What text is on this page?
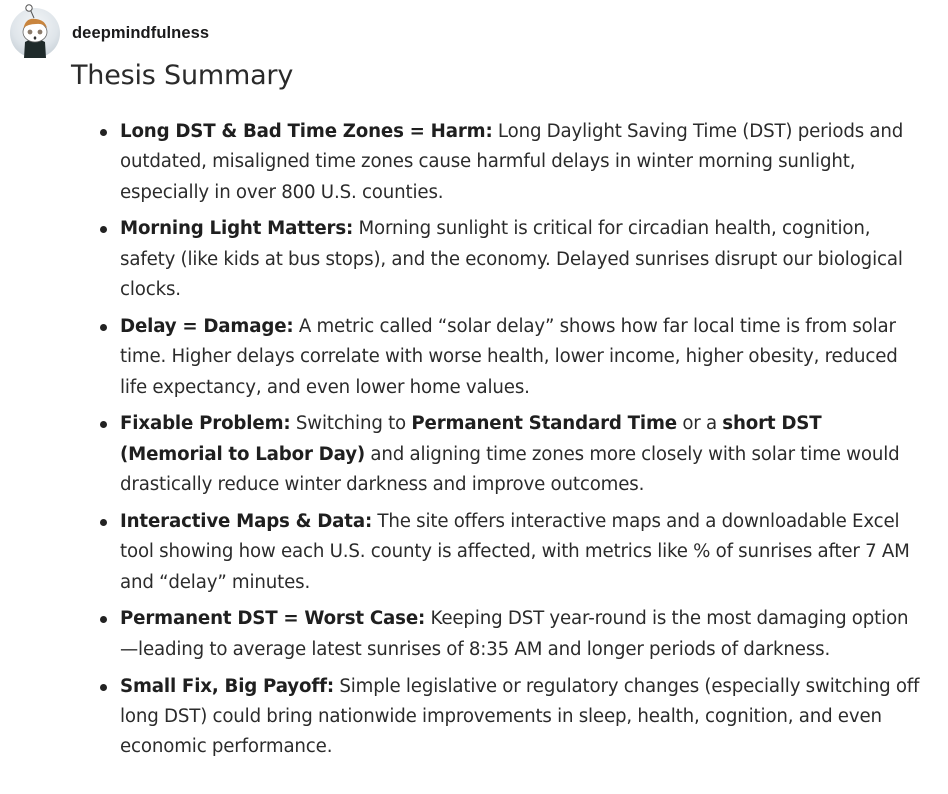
deepmindfulness
Thesis Summary
Long DST & Bad Time Zones = Harm: Long Daylight Saving Time (DST) periods and outdated, misaligned time zones cause harmful delays in winter morning sunlight, especially in over 800 U.S. counties.
Morning Light Matters: Morning sunlight is critical for circadian health, cognition, safety (like kids at bus stops), and the economy. Delayed sunrises disrupt our biological clocks.
Delay = Damage: A metric called “solar delay” shows how far local time is from solar time. Higher delays correlate with worse health, lower income, higher obesity, reduced life expectancy, and even lower home values.
Fixable Problem: Switching to Permanent Standard Time or a short DST (Memorial to Labor Day) and aligning time zones more closely with solar time would drastically reduce winter darkness and improve outcomes.
Interactive Maps & Data: The site offers interactive maps and a downloadable Excel tool showing how each U.S. county is affected, with metrics like % of sunrises after 7 AM and “delay” minutes.
Permanent DST = Worst Case: Keeping DST year-round is the most damaging option—leading to average latest sunrises of 8:35 AM and longer periods of darkness.
Small Fix, Big Payoff: Simple legislative or regulatory changes (especially switching off long DST) could bring nationwide improvements in sleep, health, cognition, and even economic performance.
